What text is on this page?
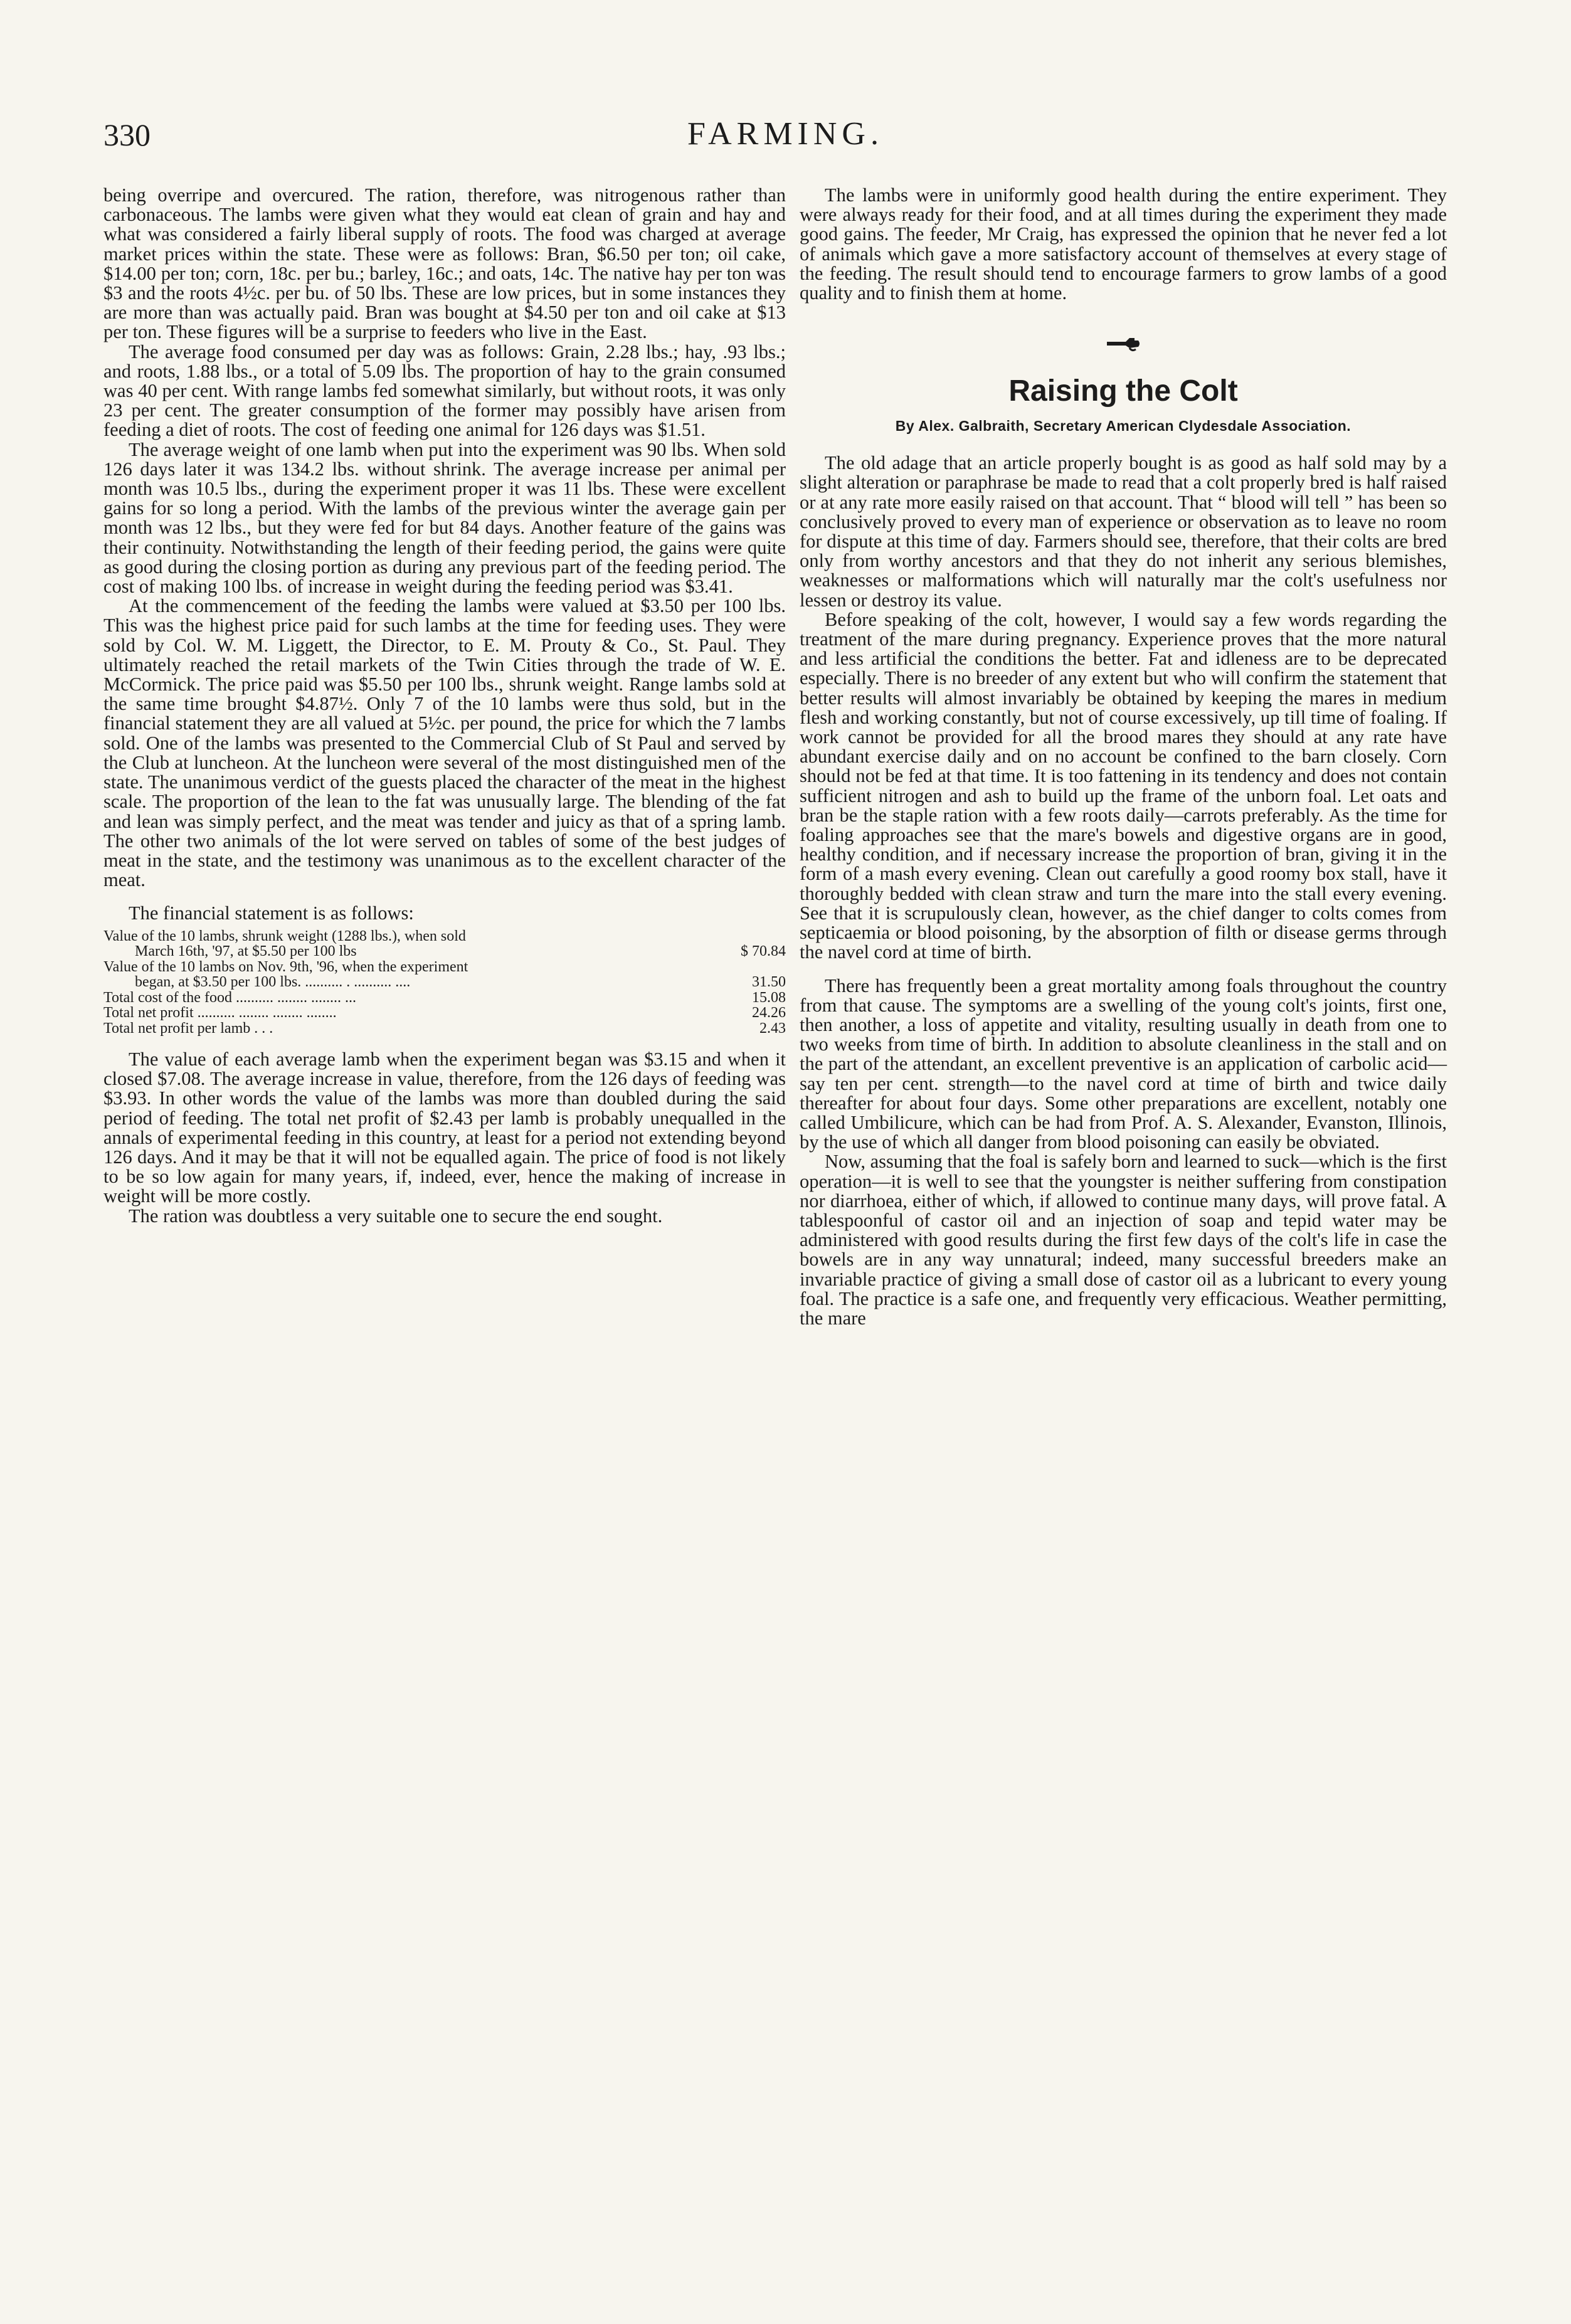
330	FARMING.

being overripe and overcured. The ration, therefore, was nitrogenous rather than carbonaceous. The lambs were given what they would eat clean of grain and hay and what was considered a fairly liberal supply of roots. The food was charged at average market prices within the state. These were as follows: Bran, $6.50 per ton; oil cake, $14.00 per ton; corn, 18c. per bu.; barley, 16c.; and oats, 14c. The native hay per ton was $3 and the roots 4½c. per bu. of 50 lbs. These are low prices, but in some instances they are more than was actually paid. Bran was bought at $4.50 per ton and oil cake at $13 per ton. These figures will be a surprise to feeders who live in the East.

The average food consumed per day was as follows: Grain, 2.28 lbs.; hay, .93 lbs.; and roots, 1.88 lbs., or a total of 5.09 lbs. The proportion of hay to the grain consumed was 40 per cent. With range lambs fed somewhat similarly, but without roots, it was only 23 per cent. The greater consumption of the former may possibly have arisen from feeding a diet of roots. The cost of feeding one animal for 126 days was $1.51.

The average weight of one lamb when put into the experiment was 90 lbs. When sold 126 days later it was 134.2 lbs. without shrink. The average increase per animal per month was 10.5 lbs., during the experiment proper it was 11 lbs. These were excellent gains for so long a period. With the lambs of the previous winter the average gain per month was 12 lbs., but they were fed for but 84 days. Another feature of the gains was their continuity. Notwithstanding the length of their feeding period, the gains were quite as good during the closing portion as during any previous part of the feeding period. The cost of making 100 lbs. of increase in weight during the feeding period was $3.41.

At the commencement of the feeding the lambs were valued at $3.50 per 100 lbs. This was the highest price paid for such lambs at the time for feeding uses. They were sold by Col. W. M. Liggett, the Director, to E. M. Prouty & Co., St. Paul. They ultimately reached the retail markets of the Twin Cities through the trade of W. E. McCormick. The price paid was $5.50 per 100 lbs., shrunk weight. Range lambs sold at the same time brought $4.87½. Only 7 of the 10 lambs were thus sold, but in the financial statement they are all valued at 5½c. per pound, the price for which the 7 lambs sold. One of the lambs was presented to the Commercial Club of St Paul and served by the Club at luncheon. At the luncheon were several of the most distinguished men of the state. The unanimous verdict of the guests placed the character of the meat in the highest scale. The proportion of the lean to the fat was unusually large. The blending of the fat and lean was simply perfect, and the meat was tender and juicy as that of a spring lamb. The other two animals of the lot were served on tables of some of the best judges of meat in the state, and the testimony was unanimous as to the excellent character of the meat.

The financial statement is as follows:

Value of the 10 lambs, shrunk weight (1288 lbs.), when sold
March 16th, '97, at $5.50 per 100 lbs	$ 70.84
Value of the 10 lambs on Nov. 9th, '96, when the experiment
began, at $3.50 per 100 lbs. .......... . .......... ....	31.50
Total cost of the food .......... ........ ........ ...	15.08
Total net profit .......... ........ ........ ........	24.26
Total net profit per lamb . . .	2.43

The value of each average lamb when the experiment began was $3.15 and when it closed $7.08. The average increase in value, therefore, from the 126 days of feeding was $3.93. In other words the value of the lambs was more than doubled during the said period of feeding. The total net profit of $2.43 per lamb is probably unequalled in the annals of experimental feeding in this country, at least for a period not extending beyond 126 days. And it may be that it will not be equalled again. The price of food is not likely to be so low again for many years, if, indeed, ever, hence the making of increase in weight will be more costly.

The ration was doubtless a very suitable one to secure the end sought.

The lambs were in uniformly good health during the entire experiment. They were always ready for their food, and at all times during the experiment they made good gains. The feeder, Mr Craig, has expressed the opinion that he never fed a lot of animals which gave a more satisfactory account of themselves at every stage of the feeding. The result should tend to encourage farmers to grow lambs of a good quality and to finish them at home.

Raising the Colt
By Alex. Galbraith, Secretary American Clydesdale Association.

The old adage that an article properly bought is as good as half sold may by a slight alteration or paraphrase be made to read that a colt properly bred is half raised or at any rate more easily raised on that account. That “ blood will tell ” has been so conclusively proved to every man of experience or observation as to leave no room for dispute at this time of day. Farmers should see, therefore, that their colts are bred only from worthy ancestors and that they do not inherit any serious blemishes, weaknesses or malformations which will naturally mar the colt's usefulness nor lessen or destroy its value.

Before speaking of the colt, however, I would say a few words regarding the treatment of the mare during pregnancy. Experience proves that the more natural and less artificial the conditions the better. Fat and idleness are to be deprecated especially. There is no breeder of any extent but who will confirm the statement that better results will almost invariably be obtained by keeping the mares in medium flesh and working constantly, but not of course excessively, up till time of foaling. If work cannot be provided for all the brood mares they should at any rate have abundant exercise daily and on no account be confined to the barn closely. Corn should not be fed at that time. It is too fattening in its tendency and does not contain sufficient nitrogen and ash to build up the frame of the unborn foal. Let oats and bran be the staple ration with a few roots daily—carrots preferably. As the time for foaling approaches see that the mare's bowels and digestive organs are in good, healthy condition, and if necessary increase the proportion of bran, giving it in the form of a mash every evening. Clean out carefully a good roomy box stall, have it thoroughly bedded with clean straw and turn the mare into the stall every evening. See that it is scrupulously clean, however, as the chief danger to colts comes from septicaemia or blood poisoning, by the absorption of filth or disease germs through the navel cord at time of birth.

There has frequently been a great mortality among foals throughout the country from that cause. The symptoms are a swelling of the young colt's joints, first one, then another, a loss of appetite and vitality, resulting usually in death from one to two weeks from time of birth. In addition to absolute cleanliness in the stall and on the part of the attendant, an excellent preventive is an application of carbolic acid—say ten per cent. strength—to the navel cord at time of birth and twice daily thereafter for about four days. Some other preparations are excellent, notably one called Umbilicure, which can be had from Prof. A. S. Alexander, Evanston, Illinois, by the use of which all danger from blood poisoning can easily be obviated.

Now, assuming that the foal is safely born and learned to suck—which is the first operation—it is well to see that the youngster is neither suffering from constipation nor diarrhoea, either of which, if allowed to continue many days, will prove fatal. A tablespoonful of castor oil and an injection of soap and tepid water may be administered with good results during the first few days of the colt's life in case the bowels are in any way unnatural; indeed, many successful breeders make an invariable practice of giving a small dose of castor oil as a lubricant to every young foal. The practice is a safe one, and frequently very efficacious. Weather permitting, the mare
